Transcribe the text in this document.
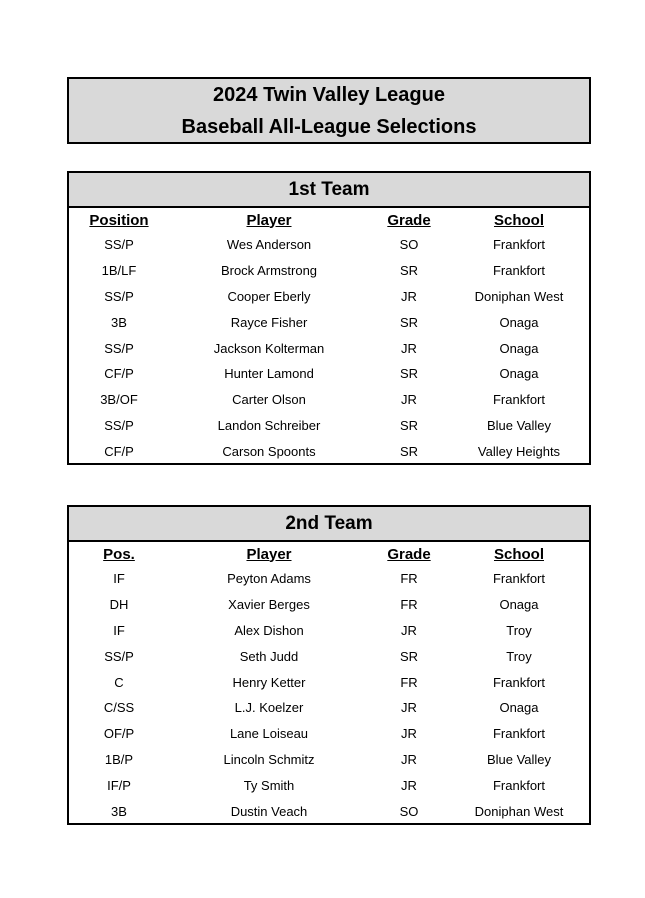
2024 Twin Valley League
Baseball All-League Selections
1st Team
Position	Player	Grade	School
SS/P	Wes Anderson	SO	Frankfort
1B/LF	Brock Armstrong	SR	Frankfort
SS/P	Cooper Eberly	JR	Doniphan West
3B	Rayce Fisher	SR	Onaga
SS/P	Jackson Kolterman	JR	Onaga
CF/P	Hunter Lamond	SR	Onaga
3B/OF	Carter Olson	JR	Frankfort
SS/P	Landon Schreiber	SR	Blue Valley
CF/P	Carson Spoonts	SR	Valley Heights
2nd Team
Pos.	Player	Grade	School
IF	Peyton Adams	FR	Frankfort
DH	Xavier Berges	FR	Onaga
IF	Alex Dishon	JR	Troy
SS/P	Seth Judd	SR	Troy
C	Henry Ketter	FR	Frankfort
C/SS	L.J. Koelzer	JR	Onaga
OF/P	Lane Loiseau	JR	Frankfort
1B/P	Lincoln Schmitz	JR	Blue Valley
IF/P	Ty Smith	JR	Frankfort
3B	Dustin Veach	SO	Doniphan West
